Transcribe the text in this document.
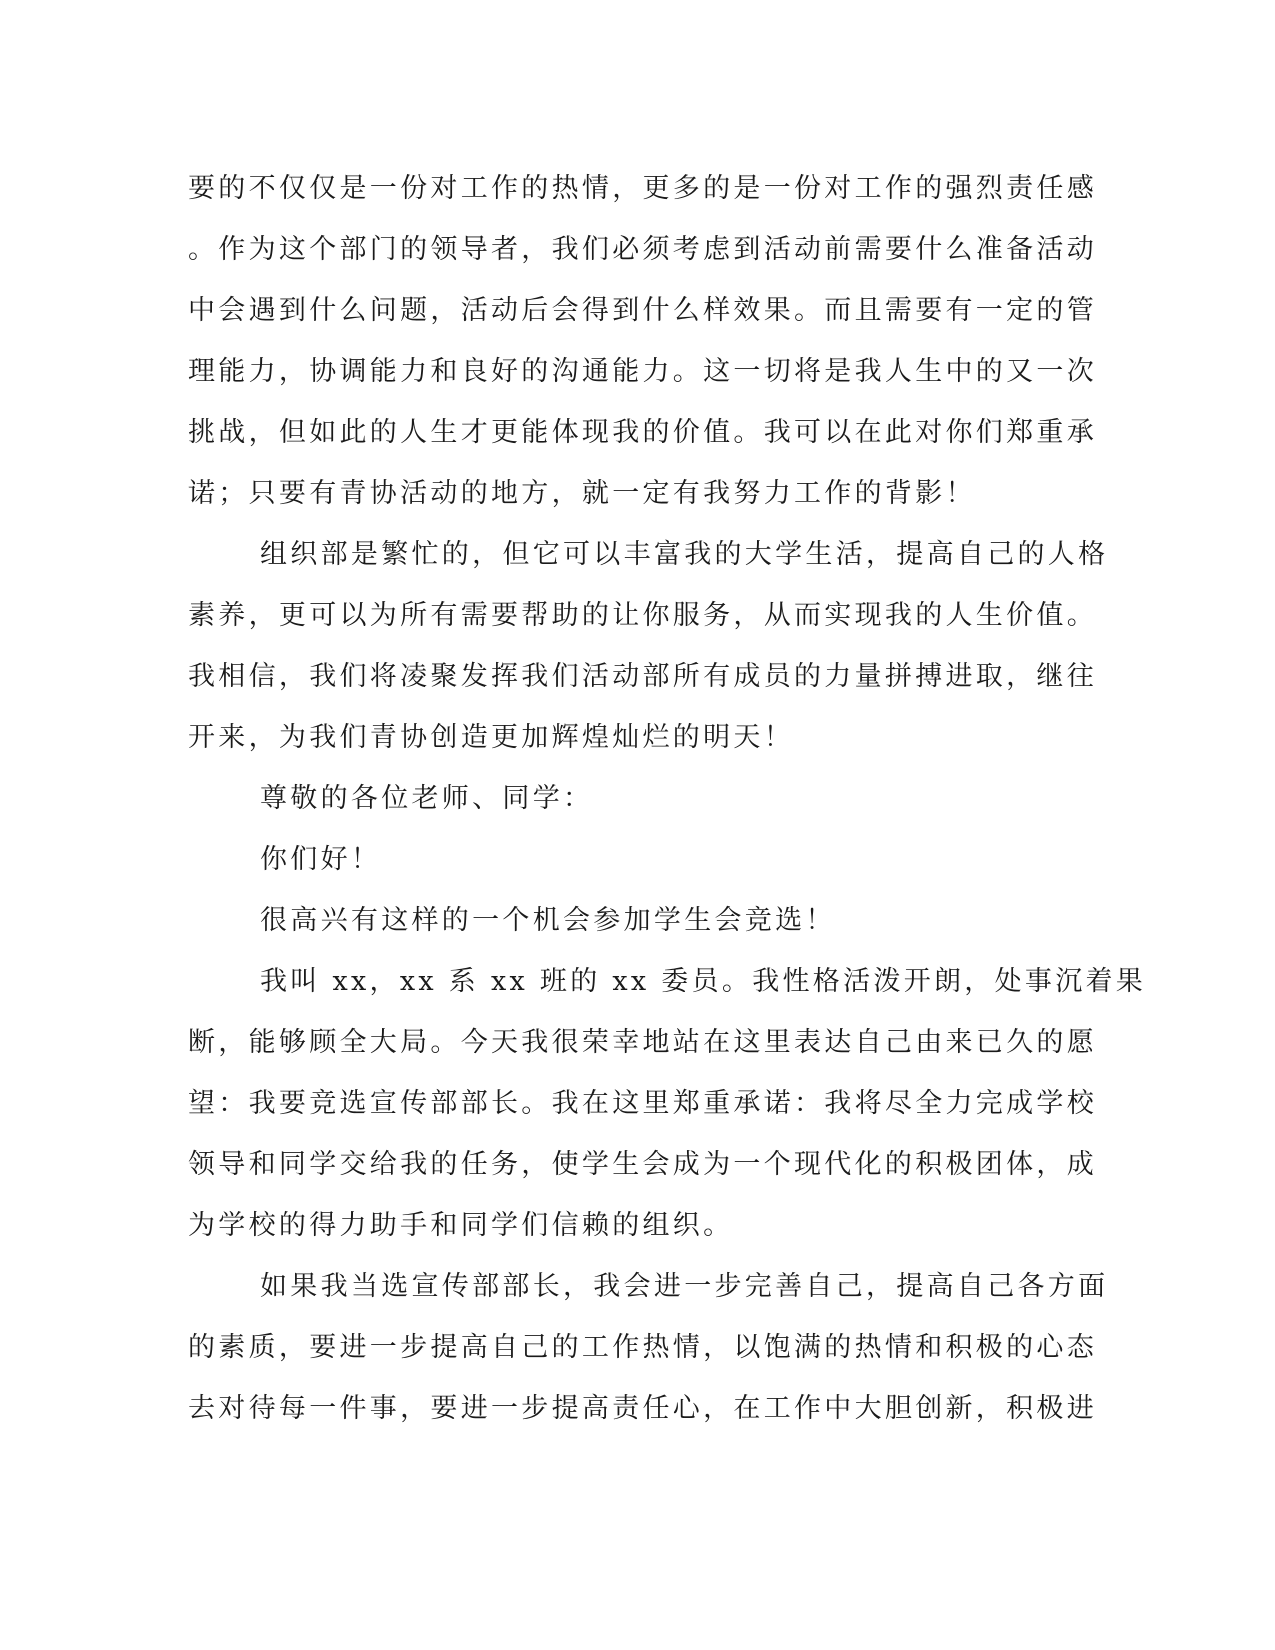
要的不仅仅是一份对工作的热情，更多的是一份对工作的强烈责任感
。作为这个部门的领导者，我们必须考虑到活动前需要什么准备活动
中会遇到什么问题，活动后会得到什么样效果。而且需要有一定的管
理能力，协调能力和良好的沟通能力。这一切将是我人生中的又一次
挑战，但如此的人生才更能体现我的价值。我可以在此对你们郑重承
诺；只要有青协活动的地方，就一定有我努力工作的背影！
组织部是繁忙的，但它可以丰富我的大学生活，提高自己的人格
素养，更可以为所有需要帮助的让你服务，从而实现我的人生价值。
我相信，我们将凌聚发挥我们活动部所有成员的力量拼搏进取，继往
开来，为我们青协创造更加辉煌灿烂的明天！
尊敬的各位老师、同学：
你们好！
很高兴有这样的一个机会参加学生会竞选！
我叫 xx，xx 系 xx 班的 xx 委员。我性格活泼开朗，处事沉着果
断，能够顾全大局。今天我很荣幸地站在这里表达自己由来已久的愿
望：我要竞选宣传部部长。我在这里郑重承诺：我将尽全力完成学校
领导和同学交给我的任务，使学生会成为一个现代化的积极团体，成
为学校的得力助手和同学们信赖的组织。
如果我当选宣传部部长，我会进一步完善自己，提高自己各方面
的素质，要进一步提高自己的工作热情，以饱满的热情和积极的心态
去对待每一件事，要进一步提高责任心，在工作中大胆创新，积极进
